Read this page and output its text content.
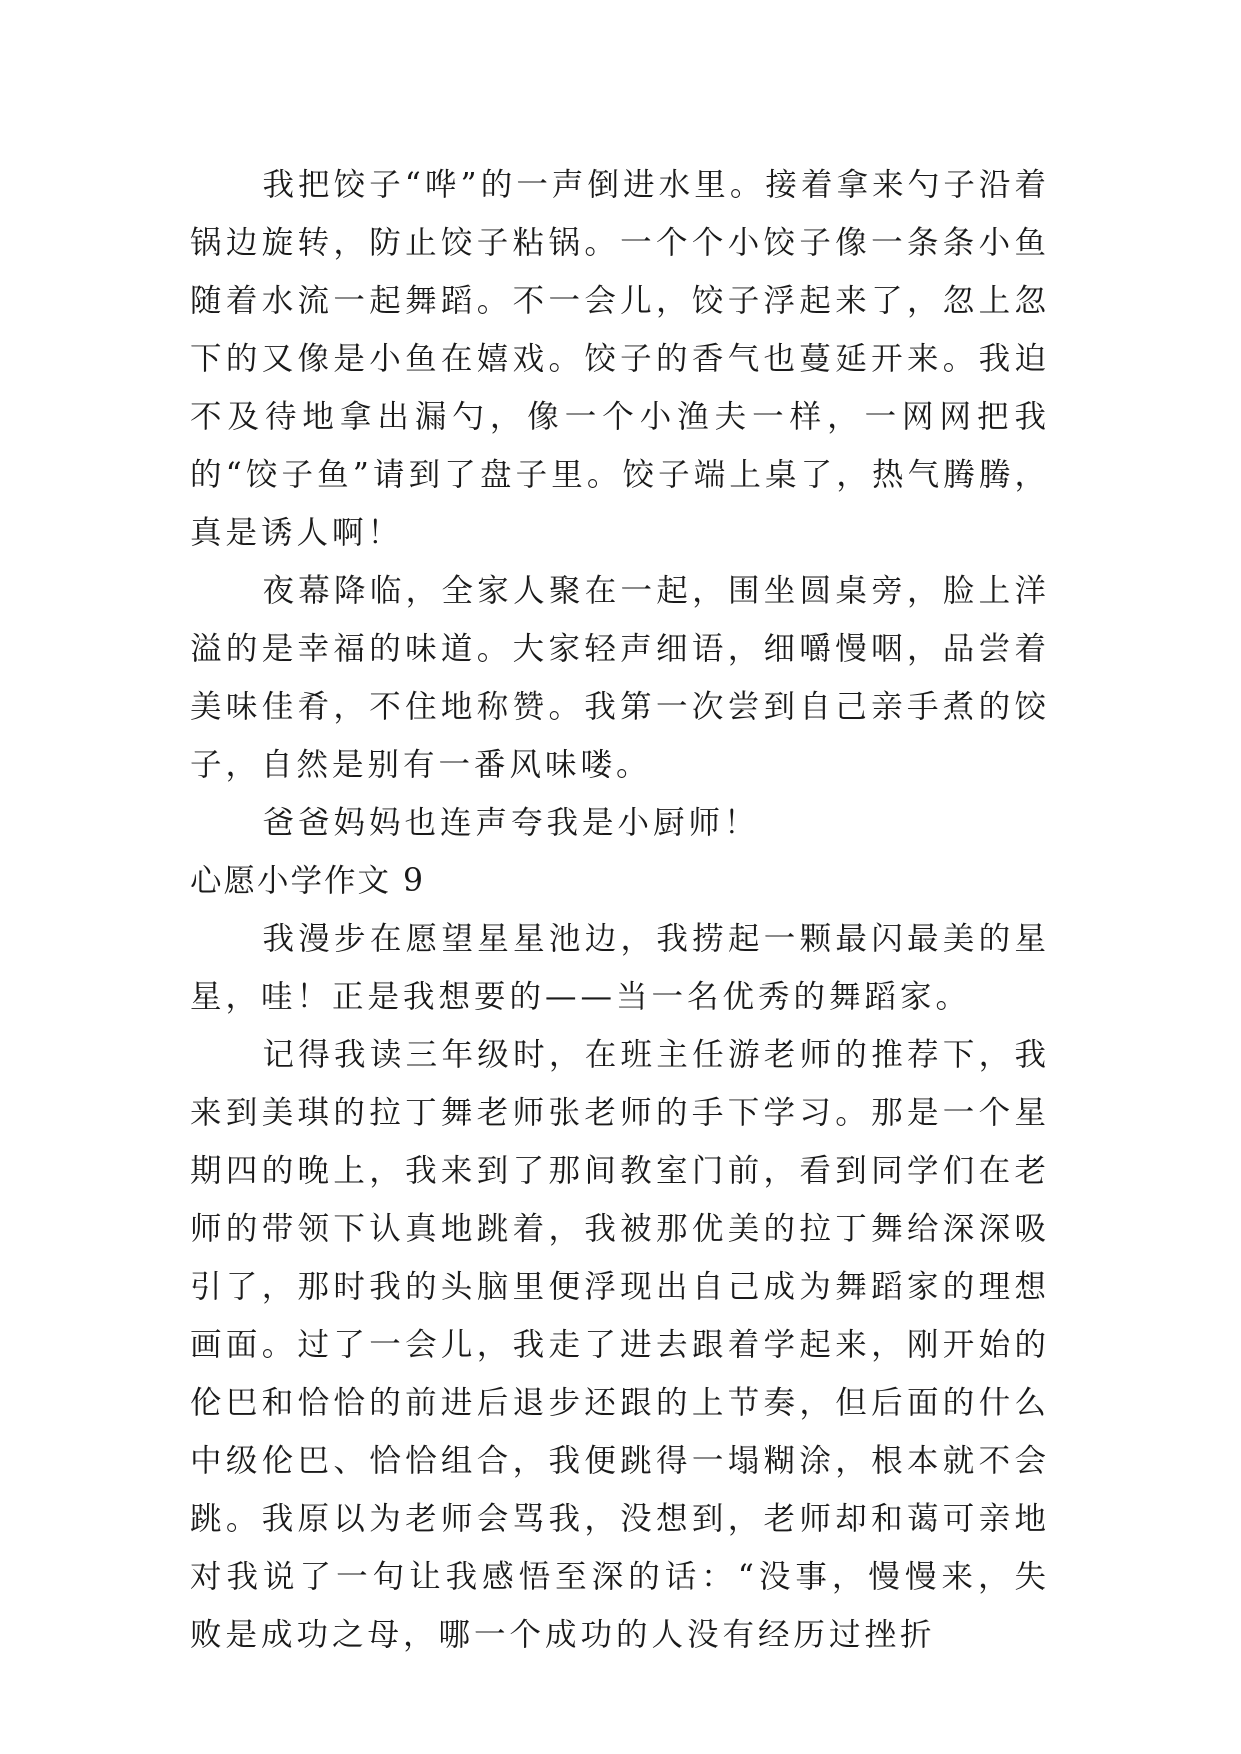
我把饺子“哗”的一声倒进水里。接着拿来勺子沿着锅边旋转，防止饺子粘锅。一个个小饺子像一条条小鱼随着水流一起舞蹈。不一会儿，饺子浮起来了，忽上忽下的又像是小鱼在嬉戏。饺子的香气也蔓延开来。我迫不及待地拿出漏勺，像一个小渔夫一样，一网网把我的“饺子鱼”请到了盘子里。饺子端上桌了，热气腾腾，真是诱人啊！

夜幕降临，全家人聚在一起，围坐圆桌旁，脸上洋溢的是幸福的味道。大家轻声细语，细嚼慢咽，品尝着美味佳肴，不住地称赞。我第一次尝到自己亲手煮的饺子，自然是别有一番风味喽。

爸爸妈妈也连声夸我是小厨师！

心愿小学作文 9

我漫步在愿望星星池边，我捞起一颗最闪最美的星星，哇！正是我想要的——当一名优秀的舞蹈家。

记得我读三年级时，在班主任游老师的推荐下，我来到美琪的拉丁舞老师张老师的手下学习。那是一个星期四的晚上，我来到了那间教室门前，看到同学们在老师的带领下认真地跳着，我被那优美的拉丁舞给深深吸引了，那时我的头脑里便浮现出自己成为舞蹈家的理想画面。过了一会儿，我走了进去跟着学起来，刚开始的伦巴和恰恰的前进后退步还跟的上节奏，但后面的什么中级伦巴、恰恰组合，我便跳得一塌糊涂，根本就不会跳。我原以为老师会骂我，没想到，老师却和蔼可亲地对我说了一句让我感悟至深的话：“没事，慢慢来，失败是成功之母，哪一个成功的人没有经历过挫折
